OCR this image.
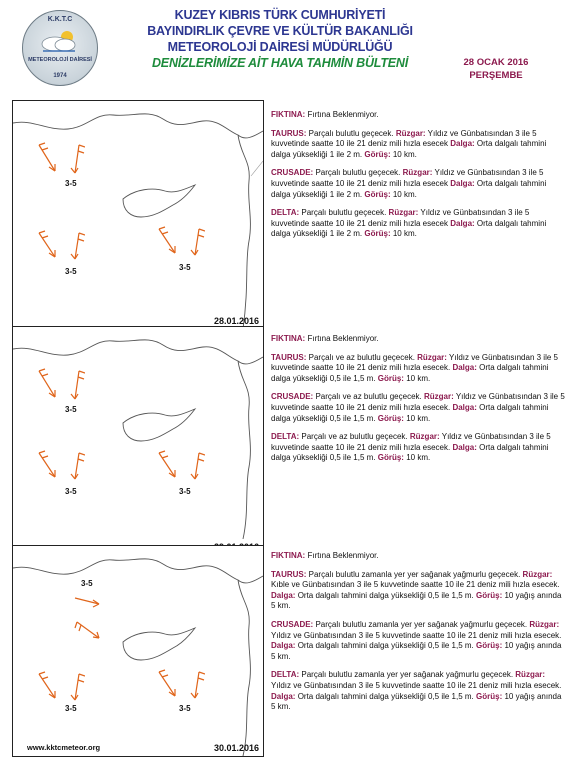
K.K.T.C
METEOROLOJİ DAİRESİ
1974
KUZEY KIBRIS TÜRK CUMHURİYETİ
BAYINDIRLIK ÇEVRE VE KÜLTÜR BAKANLIĞI
METEOROLOJİ DAİRESİ MÜDÜRLÜĞÜ
DENİZLERİMİZE AİT HAVA TAHMİN BÜLTENİ	28 OCAK 2016
PERŞEMBE
3-5
3-5	3-5
28.01.2016

FIKTINA: Fırtına Beklenmiyor.

TAURUS: Parçalı bulutlu geçecek. Rüzgar: Yıldız ve Günbatısından 3 ile 5 kuvvetinde saatte 10 ile 21 deniz mili hızla esecek Dalga: Orta dalgalı tahmini dalga yüksekliği 1 ile 2 m. Görüş: 10 km.

CRUSADE: Parçalı bulutlu geçecek. Rüzgar: Yıldız ve Günbatısından 3 ile 5 kuvvetinde saatte 10 ile 21 deniz mili hızla esecek Dalga: Orta dalgalı tahmini dalga yüksekliği 1 ile 2 m. Görüş: 10 km.

DELTA: Parçalı bulutlu geçecek. Rüzgar: Yıldız ve Günbatısından 3 ile 5 kuvvetinde saatte 10 ile 21 deniz mili hızla esecek Dalga: Orta dalgalı tahmini dalga yüksekliği 1 ile 2 m. Görüş: 10 km.

3-5
3-5	3-5

FIKTINA: Fırtına Beklenmiyor.

TAURUS: Parçalı ve az bulutlu geçecek. Rüzgar: Yıldız ve Günbatısından 3 ile 5 kuvvetinde saatte 10 ile 21 deniz mili hızla esecek. Dalga: Orta dalgalı tahmini dalga yüksekliği 0,5 ile 1,5 m. Görüş: 10 km.

CRUSADE: Parçalı ve az bulutlu geçecek. Rüzgar: Yıldız ve Günbatısından 3 ile 5 kuvvetinde saatte 10 ile 21 deniz mili hızla esecek. Dalga: Orta dalgalı tahmini dalga yüksekliği 0,5 ile 1,5 m. Görüş: 10 km.

DELTA: Parçalı ve az bulutlu geçecek. Rüzgar: Yıldız ve Günbatısından 3 ile 5 kuvvetinde saatte 10 ile 21 deniz mili hızla esecek. Dalga: Orta dalgalı tahmini dalga yüksekliği 0,5 ile 1,5 m. Görüş: 10 km.

3-5
3-5	3-5
www.kktcmeteor.org	30.01.2016

FIKTINA: Fırtına Beklenmiyor.

TAURUS: Parçalı bulutlu zamanla yer yer sağanak yağmurlu geçecek. Rüzgar: Kıble ve Günbatısından 3 ile 5 kuvvetinde saatte 10 ile 21 deniz mili hızla esecek. Dalga: Orta dalgalı tahmini dalga yüksekliği 0,5 ile 1,5 m. Görüş: 10 yağış anında 5 km.

CRUSADE: Parçalı bulutlu zamanla yer yer sağanak yağmurlu geçecek. Rüzgar: Yıldız ve Günbatısından 3 ile 5 kuvvetinde saatte 10 ile 21 deniz mili hızla esecek. Dalga: Orta dalgalı tahmini dalga yüksekliği 0,5 ile 1,5 m. Görüş: 10 yağış anında 5 km.

DELTA: Parçalı bulutlu zamanla yer yer sağanak yağmurlu geçecek. Rüzgar: Yıldız ve Günbatısından 3 ile 5 kuvvetinde saatte 10 ile 21 deniz mili hızla esecek. Dalga: Orta dalgalı tahmini dalga yüksekliği 0,5 ile 1,5 m. Görüş: 10 yağış anında 5 km.
